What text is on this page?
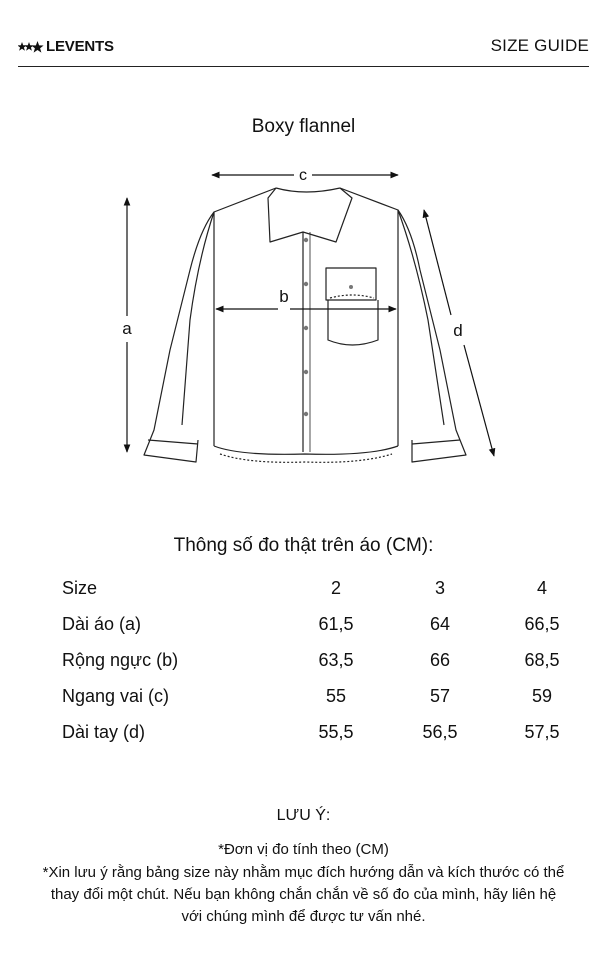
LEVENTS	SIZE GUIDE
Boxy flannel
c
b
a	d
Thông số đo thật trên áo (CM):
Size	2	3	4
Dài áo (a)	61,5	64	66,5
Rộng ngực (b)	63,5	66	68,5
Ngang vai (c)	55	57	59
Dài tay (d)	55,5	56,5	57,5
LƯU Ý:
*Đơn vị đo tính theo (CM)
*Xin lưu ý rằng bảng size này nhằm mục đích hướng dẫn và kích thước có thể thay đổi một chút. Nếu bạn không chắn chắn về số đo của mình, hãy liên hệ với chúng mình để được tư vấn nhé.
